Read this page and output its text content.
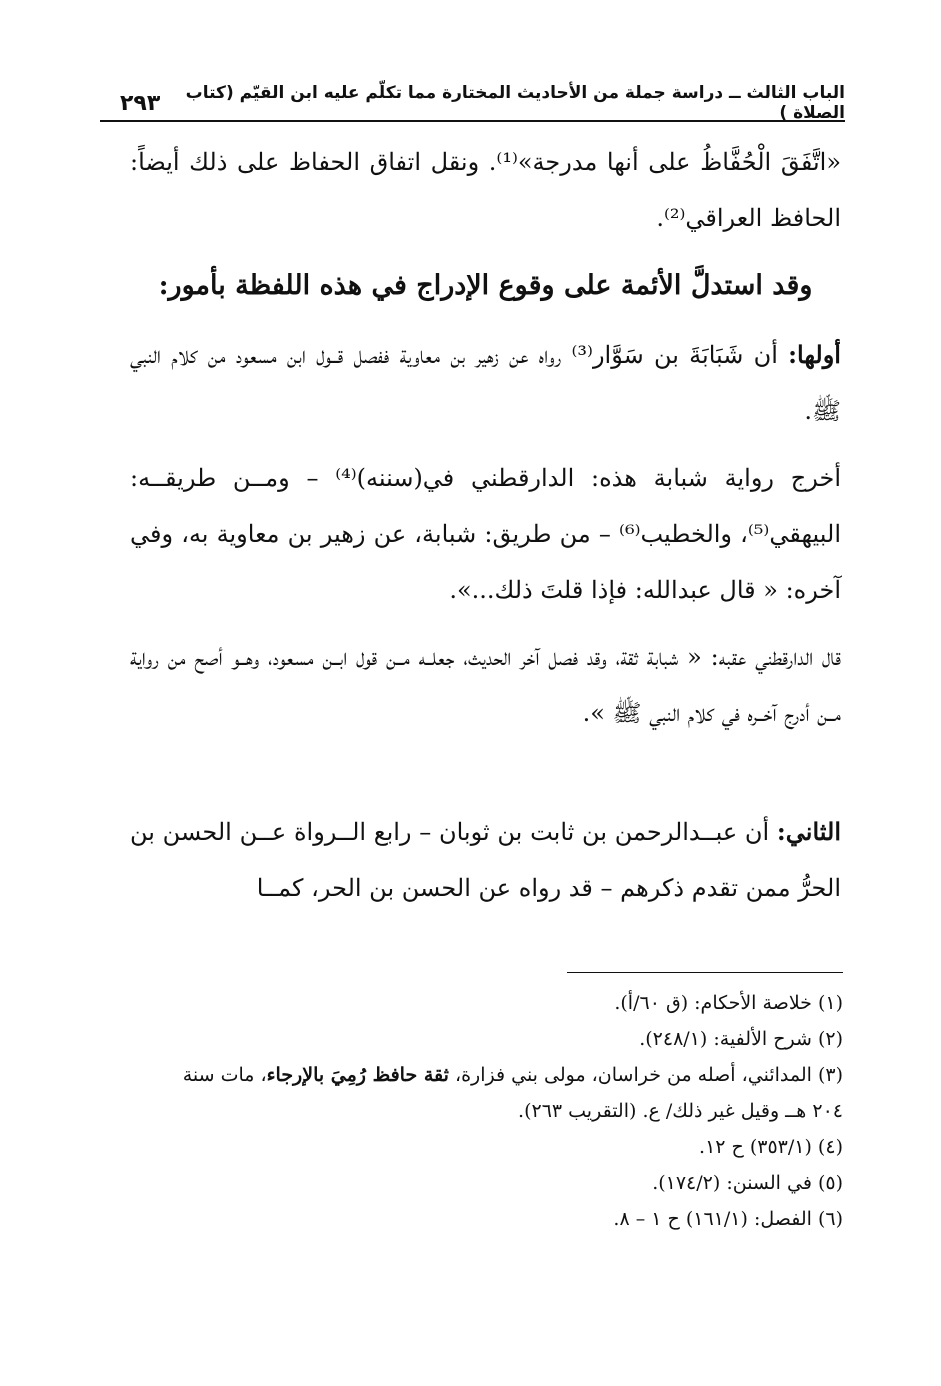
الباب الثالث ــ دراسة جملة من الأحاديث المختارة مما تكلّم عليه ابن القيّم (كتاب الصلاة )
٢٩٣

«اتَّفَقَ الْحُفَّاظُ على أنها مدرجة»⁽¹⁾. ونقل اتفاق الحفاظ على ذلك أيضاً: الحافظ العراقي⁽²⁾.

وقد استدلَّ الأئمة على وقوع الإدراج في هذه اللفظة بأمور:

أولها: أن شَبَابَةَ بن سَوَّار⁽³⁾ رواه عن زهير بن معاوية ففصل قــول ابن مسعود من كلام النبي ﷺ.

أخرج رواية شبابة هذه: الدارقطني في(سننه)⁽⁴⁾ – ومــن طريقــه: البيهقي⁽⁵⁾، والخطيب⁽⁶⁾ – من طريق: شبابة، عن زهير بن معاوية به، وفي آخره: « قال عبدالله: فإذا قلتَ ذلك...».

قال الدارقطني عقبه: « شبابة ثقة، وقد فصل آخر الحديث، جعلــه مــن قول ابــن مسعود، وهــو أصح من رواية مــن أدرج آخــره في كلام النبي ﷺ ».

الثاني: أن عبــدالرحمن بن ثابت بن ثوبان – رابع الــرواة عــن الحسن بن الحرُّ ممن تقدم ذكرهم – قد رواه عن الحسن بن الحر، كمــا

(١) خلاصة الأحكام: (ق ٦٠/أ).
(٢) شرح الألفية: (٢٤٨/١).
(٣) المدائني، أصله من خراسان، مولى بني فزارة، ثقة حافظ رُمِيَ بالإرجاء، مات سنة
٢٠٤ هــ وقيل غير ذلك/ ع. (التقريب ٢٦٣).
(٤) (٣٥٣/١) ح ١٢.
(٥) في السنن: (١٧٤/٢).
(٦) الفصل: (١٦١/١) ح ١ – ٨.
